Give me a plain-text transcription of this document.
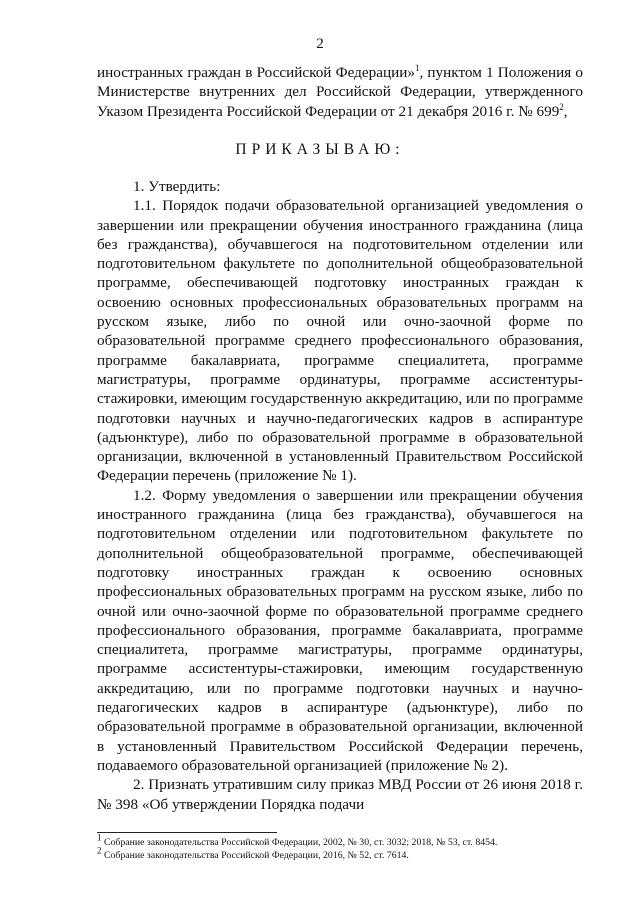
2

иностранных граждан в Российской Федерации»$^1$, пунктом 1 Положения о Министерстве внутренних дел Российской Федерации, утвержденного Указом Президента Российской Федерации от 21 декабря 2016 г. № $699^2$,

ПРИКАЗЫВАЮ:

1. Утвердить:

1.1. Порядок подачи образовательной организацией уведомления о завершении или прекращении обучения иностранного гражданина (лица без гражданства), обучавшегося на подготовительном отделении или подготовительном факультете по дополнительной общеобразовательной программе, обеспечивающей подготовку иностранных граждан к освоению основных профессиональных образовательных программ на русском языке, либо по очной или очно-заочной форме по образовательной программе среднего профессионального образования, программе бакалавриата, программе специалитета, программе магистратуры, программе ординатуры, программе ассистентуры-стажировки, имеющим государственную аккредитацию, или по программе подготовки научных и научно-педагогических кадров в аспирантуре (адъюнктуре), либо по образовательной программе в образовательной организации, включенной в установленный Правительством Российской Федерации перечень (приложение № 1).

1.2. Форму уведомления о завершении или прекращении обучения иностранного гражданина (лица без гражданства), обучавшегося на подготовительном отделении или подготовительном факультете по дополнительной общеобразовательной программе, обеспечивающей подготовку иностранных граждан к освоению основных профессиональных образовательных программ на русском языке, либо по очной или очно-заочной форме по образовательной программе среднего профессионального образования, программе бакалавриата, программе специалитета, программе магистратуры, программе ординатуры, программе ассистентуры-стажировки, имеющим государственную аккредитацию, или по программе подготовки научных и научно-педагогических кадров в аспирантуре (адъюнктуре), либо по образовательной программе в образовательной организации, включенной в установленный Правительством Российской Федерации перечень, подаваемого образовательной организацией (приложение № 2).

2. Признать утратившим силу приказ МВД России от 26 июня 2018 г. № 398 «Об утверждении Порядка подачи

$^1$ Собрание законодательства Российской Федерации, 2002, № 30, ст. 3032; 2018, № 53, ст. 8454.

$^2$ Собрание законодательства Российской Федерации, 2016, № 52, ст. 7614.
